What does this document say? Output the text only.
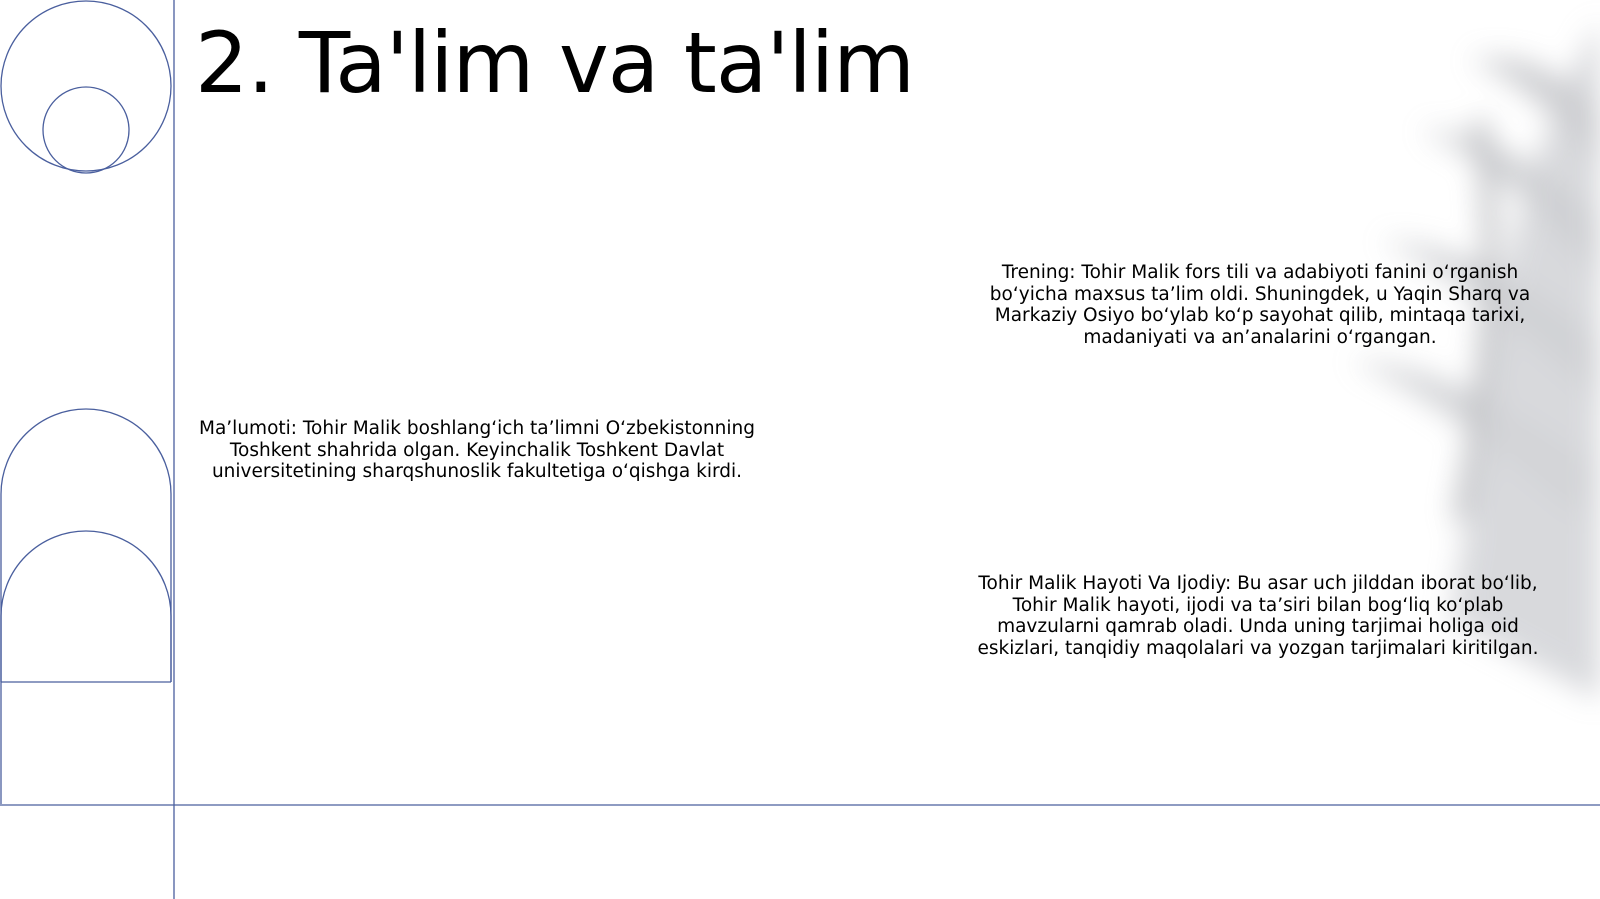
2. Ta'lim va ta'lim

Ma’lumoti: Tohir Malik boshlang‘ich ta’limni O‘zbekistonning Toshkent shahrida olgan. Keyinchalik Toshkent Davlat universitetining sharqshunoslik fakultetiga o‘qishga kirdi.

Trening: Tohir Malik fors tili va adabiyoti fanini o‘rganish bo‘yicha maxsus ta’lim oldi. Shuningdek, u Yaqin Sharq va Markaziy Osiyo bo‘ylab ko‘p sayohat qilib, mintaqa tarixi, madaniyati va an’analarini o‘rgangan.

Tohir Malik Hayoti Va Ijodiy: Bu asar uch jilddan iborat bo‘lib, Tohir Malik hayoti, ijodi va ta’siri bilan bog‘liq ko‘plab mavzularni qamrab oladi. Unda uning tarjimai holiga oid eskizlari, tanqidiy maqolalari va yozgan tarjimalari kiritilgan.
